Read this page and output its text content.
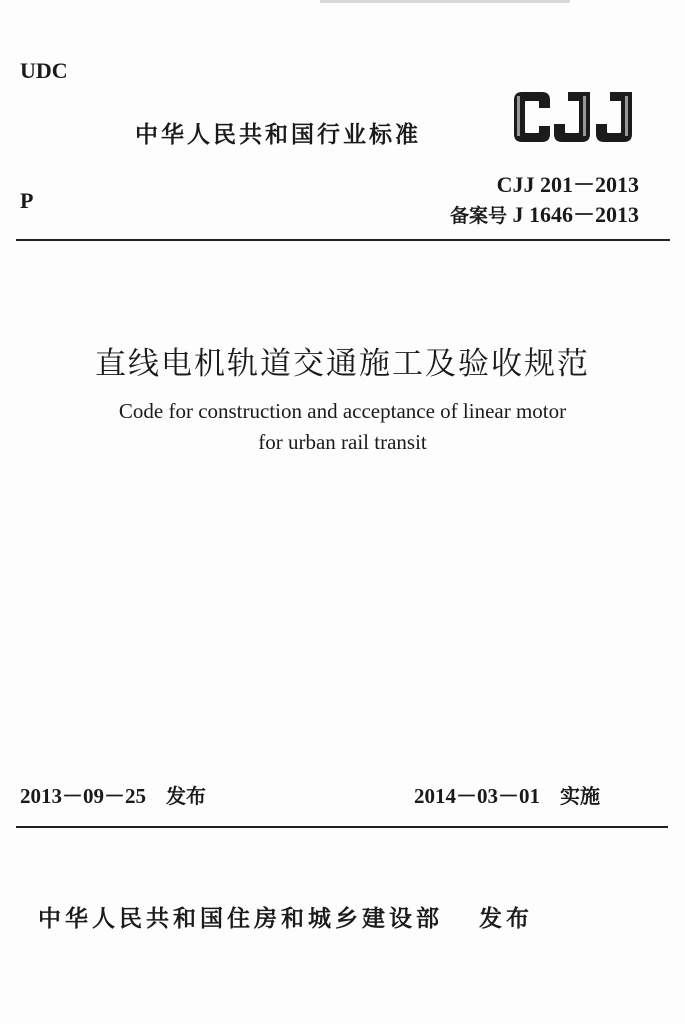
UDC
P
中华人民共和国行业标准
CJJ 201－2013
备案号 J 1646－2013
直线电机轨道交通施工及验收规范
Code for construction and acceptance of linear motor
for urban rail transit
2013－09－25 发布	2014－03－01 实施
中华人民共和国住房和城乡建设部 发布
